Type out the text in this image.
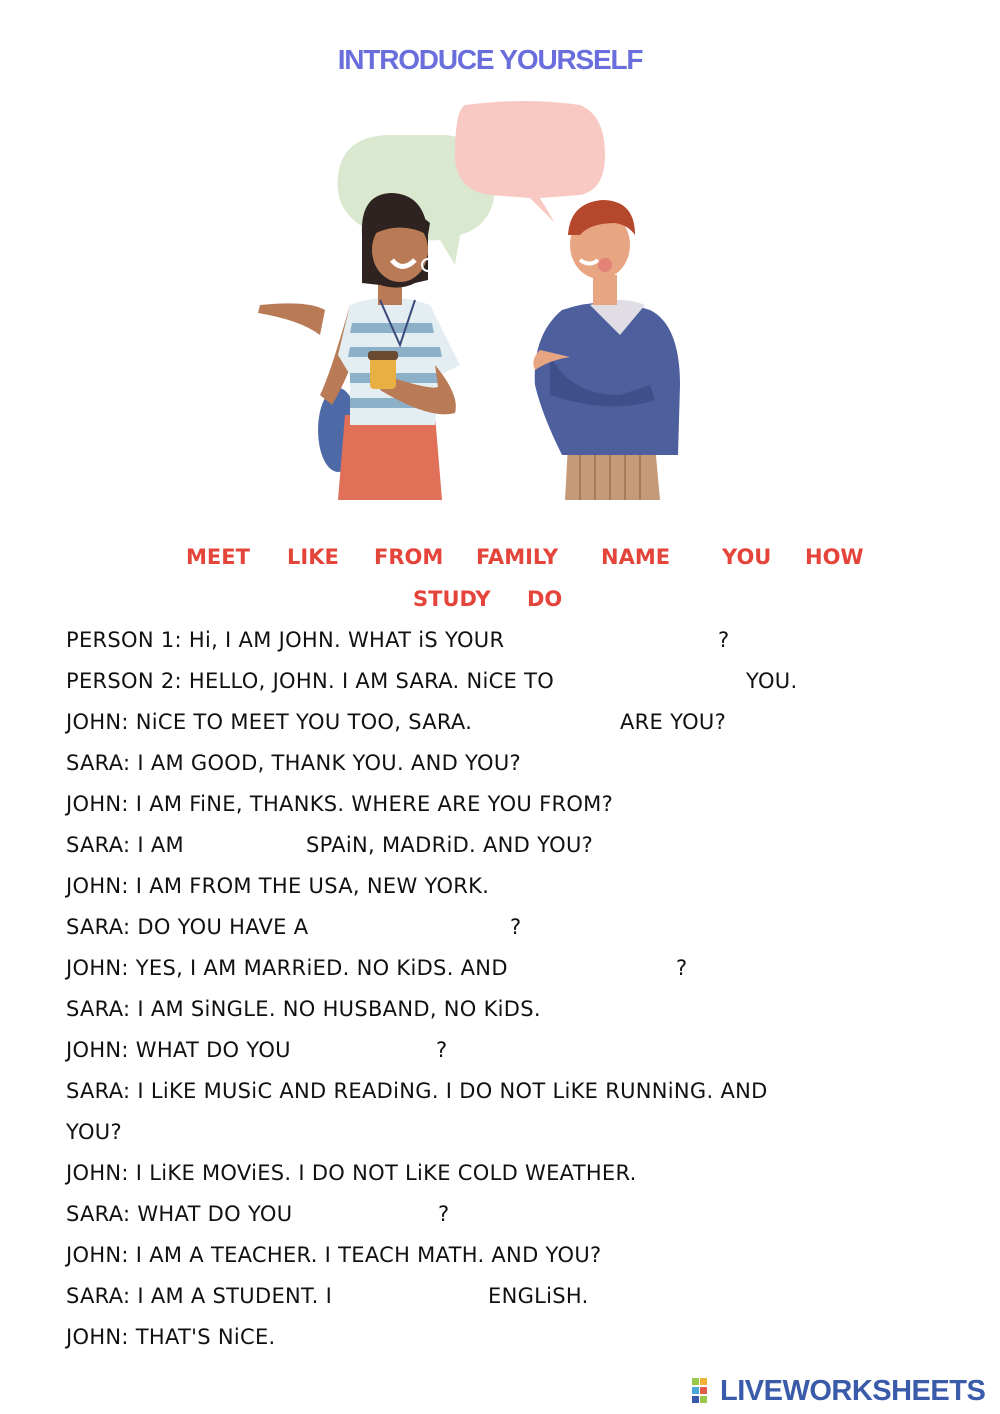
INTRODUCE YOURSELF
MEET LIKE FROM FAMILY NAME YOU HOW
STUDY DO
PERSON 1: Hi, I AM JOHN. WHAT iS YOUR	?
PERSON 2: HELLO, JOHN. I AM SARA. NiCE TO	YOU.
JOHN: NiCE TO MEET YOU TOO, SARA.	ARE YOU?
SARA: I AM GOOD, THANK YOU. AND YOU?
JOHN: I AM FiNE, THANKS. WHERE ARE YOU FROM?
SARA: I AM	SPAiN, MADRiD. AND YOU?
JOHN: I AM FROM THE USA, NEW YORK.
SARA: DO YOU HAVE A	?
JOHN: YES, I AM MARRiED. NO KiDS. AND	?
SARA: I AM SiNGLE. NO HUSBAND, NO KiDS.
JOHN: WHAT DO YOU	?
SARA: I LiKE MUSiC AND READiNG. I DO NOT LiKE RUNNiNG. AND
YOU?
JOHN: I LiKE MOViES. I DO NOT LiKE COLD WEATHER.
SARA: WHAT DO YOU	?
JOHN: I AM A TEACHER. I TEACH MATH. AND YOU?
SARA: I AM A STUDENT. I	ENGLiSH.
JOHN: THAT'S NiCE.
LIVEWORKSHEETS
